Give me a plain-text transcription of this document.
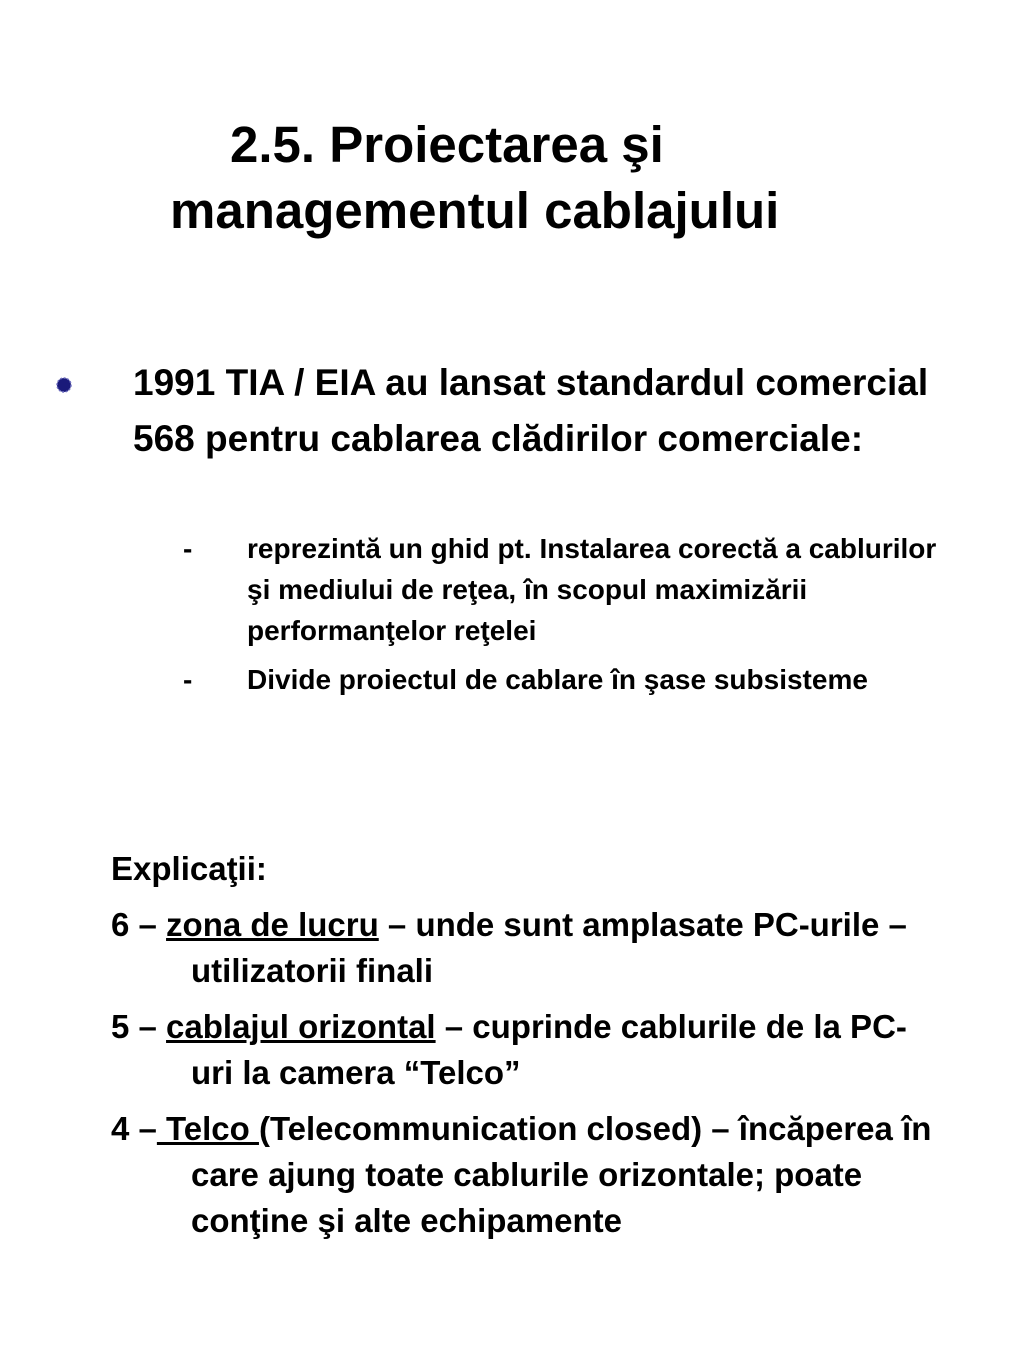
2.5. Proiectarea şi
managementul cablajului
1991 TIA / EIA au lansat standardul comercial 568 pentru cablarea clădirilor comerciale:
- reprezintă un ghid pt. Instalarea corectă a cablurilor şi mediului de reţea, în scopul maximizării performanţelor reţelei
- Divide proiectul de cablare în şase subsisteme

Explicaţii:

6 – zona de lucru – unde sunt amplasate PC-urile – utilizatorii finali

5 – cablajul orizontal – cuprinde cablurile de la PC-uri la camera “Telco”

4 – Telco (Telecommunication closed) – încăperea în care ajung toate cablurile orizontale; poate conţine şi alte echipamente
